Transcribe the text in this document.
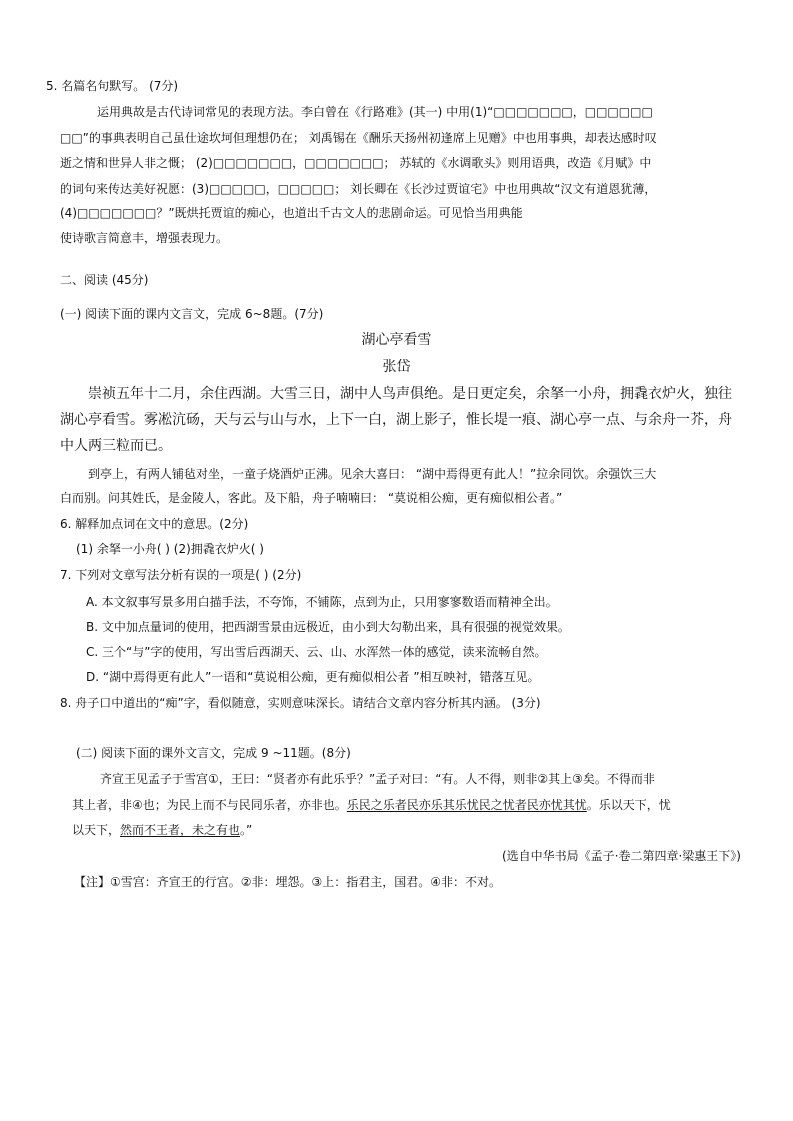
5. 名篇名句默写。 (7分)
运用典故是古代诗词常见的表现方法。李白曾在《行路难》(其一) 中用(1)“□□□□□□□，□□□□□□
□□”的事典表明自己虽仕途坎坷但理想仍在； 刘禹锡在《酬乐天扬州初逢席上见赠》中也用事典，却表达感时叹
逝之情和世异人非之慨； (2)□□□□□□□，□□□□□□□； 苏轼的《水调歌头》则用语典，改造《月赋》中
的词句来传达美好祝愿：(3)□□□□□，□□□□□； 刘长卿在《长沙过贾谊宅》中也用典故“汉文有道恩犹薄，
(4)□□□□□□□？”既烘托贾谊的痴心，也道出千古文人的悲剧命运。可见恰当用典能
使诗歌言简意丰，增强表现力。
二、阅读 (45分)
(一) 阅读下面的课内文言文，完成 6~8题。(7分)
湖心亭看雪
张岱
崇祯五年十二月，余住西湖。大雪三日，湖中人鸟声俱绝。是日更定矣，余拏一小舟，拥毳衣炉火，独往
湖心亭看雪。雾凇沆砀，天与云与山与水，上下一白，湖上影子，惟长堤一痕、湖心亭一点、与余舟一芥，舟
中人两三粒而已。
到亭上，有两人铺毡对坐，一童子烧酒炉正沸。见余大喜曰： “湖中焉得更有此人！”拉余同饮。余强饮三大
白而别。问其姓氏，是金陵人，客此。及下船，舟子喃喃曰： “莫说相公痴，更有痴似相公者。”
6. 解释加点词在文中的意思。(2分)
(1) 余拏一小舟( ) (2)拥毳衣炉火( )
7. 下列对文章写法分析有误的一项是( ) (2分)
A. 本文叙事写景多用白描手法，不夸饰，不铺陈，点到为止，只用寥寥数语而精神全出。
B. 文中加点量词的使用，把西湖雪景由远极近，由小到大勾勒出来，具有很强的视觉效果。
C. 三个“与”字的使用，写出雪后西湖天、云、山、水浑然一体的感觉，读来流畅自然。
D. “湖中焉得更有此人”一语和“莫说相公痴，更有痴似相公者 ”相互映衬，错落互见。
8. 舟子口中道出的“痴”字，看似随意，实则意味深长。请结合文章内容分析其内涵。 (3分)
(二) 阅读下面的课外文言文，完成 9 ~11题。(8分)
齐宣王见孟子于雪宫①，王曰：“贤者亦有此乐乎？”孟子对曰：“有。人不得，则非②其上③矣。不得而非
其上者，非④也；为民上而不与民同乐者，亦非也。乐民之乐者民亦乐其乐忧民之忧者民亦忧其忧。乐以天下，忧
以天下，然而不王者，未之有也。”
(选自中华书局《孟子·卷二第四章·梁惠王下》)
【注】①雪宫：齐宣王的行宫。②非：埋怨。③上：指君主，国君。④非：不对。
